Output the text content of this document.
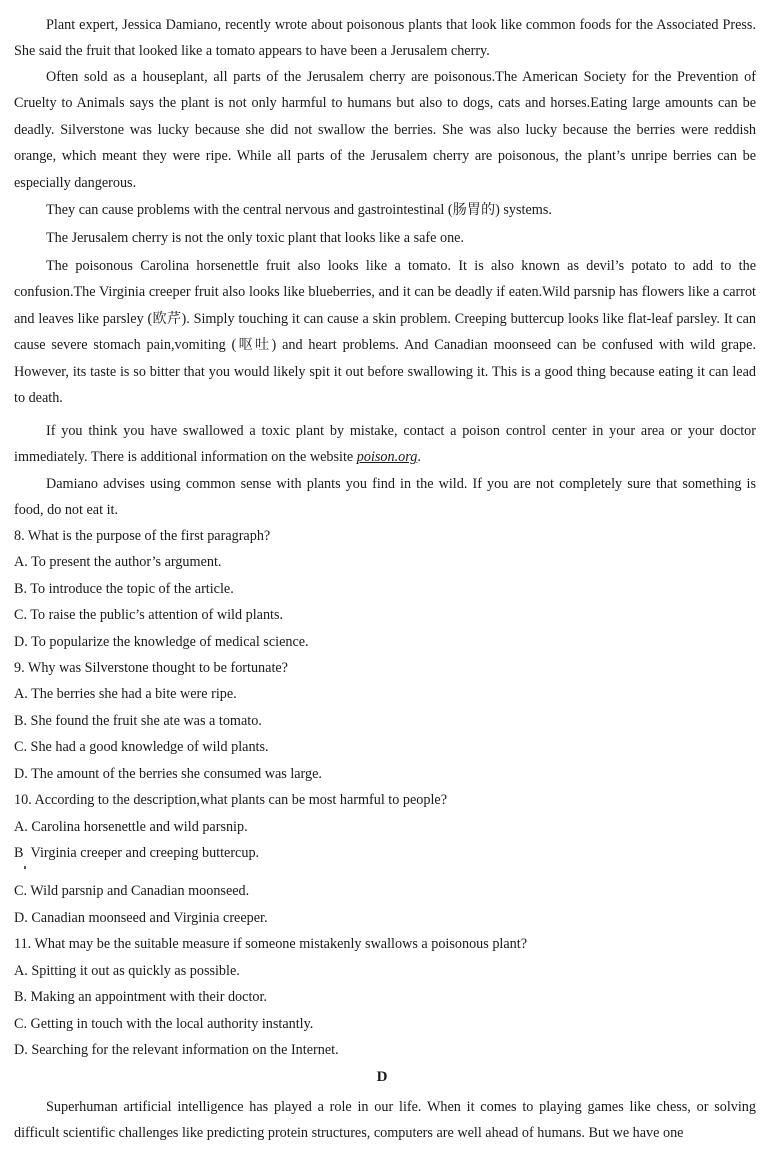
Plant expert, Jessica Damiano, recently wrote about poisonous plants that look like common foods for the Associated Press. She said the fruit that looked like a tomato appears to have been a Jerusalem cherry.

Often sold as a houseplant, all parts of the Jerusalem cherry are poisonous.The American Society for the Prevention of Cruelty to Animals says the plant is not only harmful to humans but also to dogs, cats and horses.Eating large amounts can be deadly. Silverstone was lucky because she did not swallow the berries. She was also lucky because the berries were reddish orange, which meant they were ripe. While all parts of the Jerusalem cherry are poisonous, the plant’s unripe berries can be especially dangerous.

They can cause problems with the central nervous and gastrointestinal (肠胃的) systems.

The Jerusalem cherry is not the only toxic plant that looks like a safe one.

The poisonous Carolina horsenettle fruit also looks like a tomato. It is also known as devil’s potato to add to the confusion.The Virginia creeper fruit also looks like blueberries, and it can be deadly if eaten.Wild parsnip has flowers like a carrot and leaves like parsley (欧芹). Simply touching it can cause a skin problem. Creeping buttercup looks like flat-leaf parsley. It can cause severe stomach pain,vomiting (呕吐) and heart problems. And Canadian moonseed can be confused with wild grape. However, its taste is so bitter that you would likely spit it out before swallowing it. This is a good thing because eating it can lead to death.

If you think you have swallowed a toxic plant by mistake, contact a poison control center in your area or your doctor immediately. There is additional information on the website poison.org.

Damiano advises using common sense with plants you find in the wild. If you are not completely sure that something is food, do not eat it.

8. What is the purpose of the first paragraph?

A. To present the author’s argument.

B. To introduce the topic of the article.

C. To raise the public’s attention of wild plants.

D. To popularize the knowledge of medical science.

9. Why was Silverstone thought to be fortunate?

A. The berries she had a bite were ripe.

B. She found the fruit she ate was a tomato.

C. She had a good knowledge of wild plants.

D. The amount of the berries she consumed was large.

10. According to the description,what plants can be most harmful to people?

A. Carolina horsenettle and wild parsnip.

B  Virginia creeper and creeping buttercup.

C. Wild parsnip and Canadian moonseed.

D. Canadian moonseed and Virginia creeper.

11. What may be the suitable measure if someone mistakenly swallows a poisonous plant?

A. Spitting it out as quickly as possible.

B. Making an appointment with their doctor.

C. Getting in touch with the local authority instantly.

D. Searching for the relevant information on the Internet.

D

Superhuman artificial intelligence has played a role in our life. When it comes to playing games like chess, or solving difficult scientific challenges like predicting protein structures, computers are well ahead of humans. But we have one
